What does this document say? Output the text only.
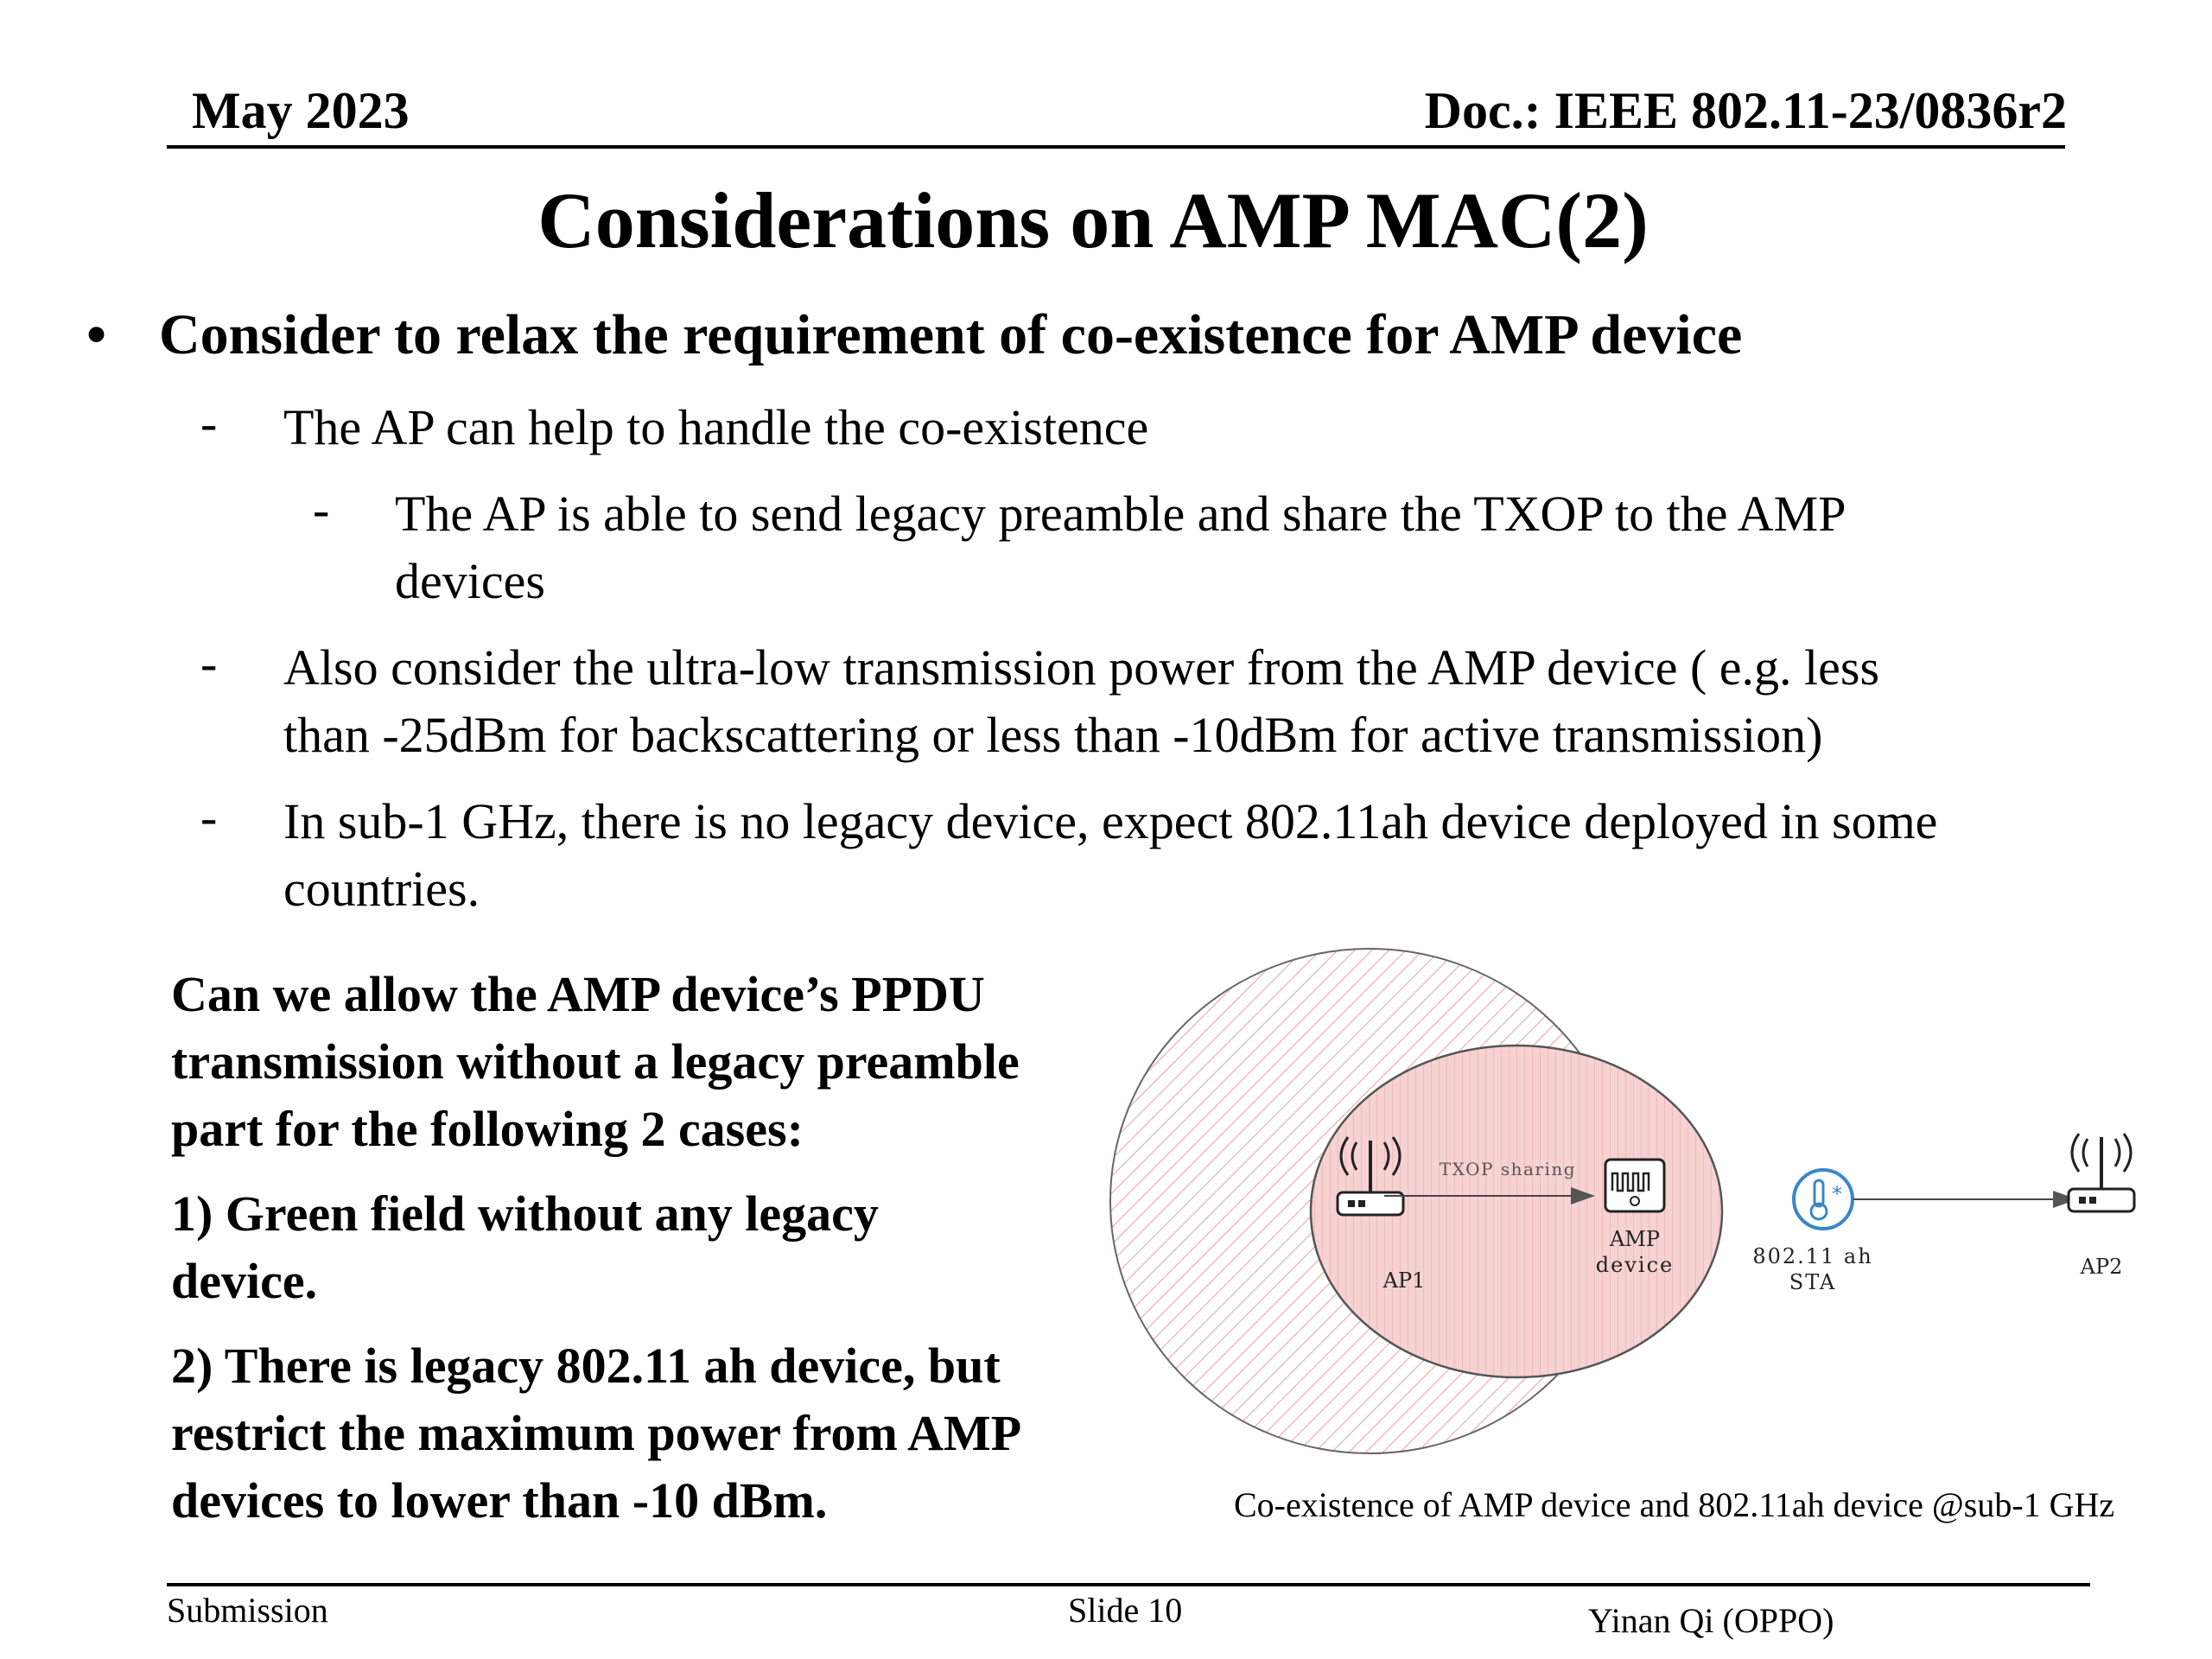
May 2023	Doc.: IEEE 802.11-23/0836r2
Considerations on AMP MAC(2)
• Consider to relax the requirement of co-existence for AMP device
- The AP can help to handle the co-existence
- The AP is able to send legacy preamble and share the TXOP to the AMP
devices
- Also consider the ultra-low transmission power from the AMP device ( e.g. less
than -25dBm for backscattering or less than -10dBm for active transmission)
- In sub-1 GHz, there is no legacy device, expect 802.11ah device deployed in some
countries.

Can we allow the AMP device’s PPDU
transmission without a legacy preamble
part for the following 2 cases:

1) Green field without any legacy
device.

2) There is legacy 802.11 ah device, but
restrict the maximum power from AMP
devices to lower than -10 dBm.

*
TXOP sharing
AP1
AMP
device	802.11 ah
STA
AP2
Co-existence of AMP device and 802.11ah device @sub-1 GHz
Submission	Slide 10	Yinan Qi (OPPO)
